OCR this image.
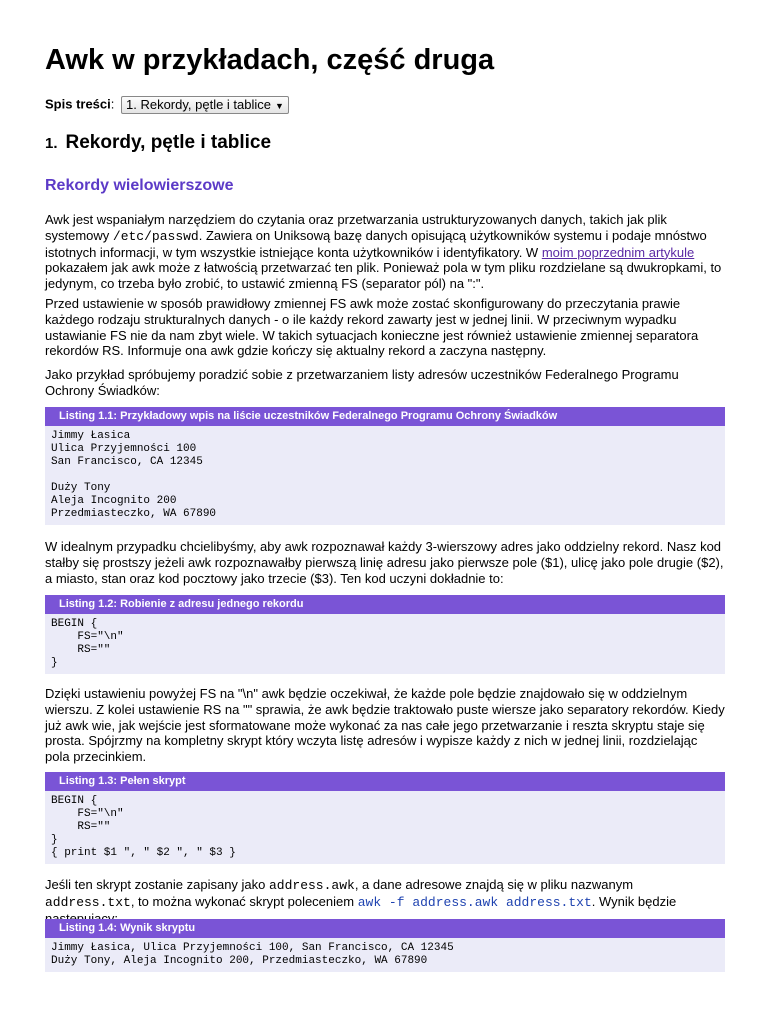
Awk w przykładach, część druga
Spis treści: 1. Rekordy, pętle i tablice ▼
1. Rekordy, pętle i tablice
Rekordy wielowierszowe

Awk jest wspaniałym narzędziem do czytania oraz przetwarzania ustrukturyzowanych danych, takich jak plik systemowy /etc/passwd. Zawiera on Uniksową bazę danych opisującą użytkowników systemu i podaje mnóstwo istotnych informacji, w tym wszystkie istniejące konta użytkowników i identyfikatory. W moim poprzednim artykule pokazałem jak awk może z łatwością przetwarzać ten plik. Ponieważ pola w tym pliku rozdzielane są dwukropkami, to jedynym, co trzeba było zrobić, to ustawić zmienną FS (separator pól) na ":".

Przed ustawienie w sposób prawidłowy zmiennej FS awk może zostać skonfigurowany do przeczytania prawie każdego rodzaju strukturalnych danych - o ile każdy rekord zawarty jest w jednej linii. W przeciwnym wypadku ustawianie FS nie da nam zbyt wiele. W takich sytuacjach konieczne jest również ustawienie zmiennej separatora rekordów RS. Informuje ona awk gdzie kończy się aktualny rekord a zaczyna następny.

Jako przykład spróbujemy poradzić sobie z przetwarzaniem listy adresów uczestników Federalnego Programu Ochrony Świadków:

Listing 1.1: Przykładowy wpis na liście uczestników Federalnego Programu Ochrony Świadków
Jimmy Łasica
Ulica Przyjemności 100
San Francisco, CA 12345

Duży Tony
Aleja Incognito 200
Przedmiasteczko, WA 67890

W idealnym przypadku chcielibyśmy, aby awk rozpoznawał każdy 3-wierszowy adres jako oddzielny rekord. Nasz kod stałby się prostszy jeżeli awk rozpoznawałby pierwszą linię adresu jako pierwsze pole ($1), ulicę jako pole drugie ($2), a miasto, stan oraz kod pocztowy jako trzecie ($3). Ten kod uczyni dokładnie to:

Listing 1.2: Robienie z adresu jednego rekordu
BEGIN {
FS="\n"
RS=""
}

Dzięki ustawieniu powyżej FS na "\n" awk będzie oczekiwał, że każde pole będzie znajdowało się w oddzielnym wierszu. Z kolei ustawienie RS na "" sprawia, że awk będzie traktowało puste wiersze jako separatory rekordów. Kiedy już awk wie, jak wejście jest sformatowane może wykonać za nas całe jego przetwarzanie i reszta skryptu staje się prosta. Spójrzmy na kompletny skrypt który wczyta listę adresów i wypisze każdy z nich w jednej linii, rozdzielając pola przecinkiem.

Listing 1.3: Pełen skrypt
BEGIN {
FS="\n"
RS=""
}
{ print $1 ", " $2 ", " $3 }

Jeśli ten skrypt zostanie zapisany jako address.awk, a dane adresowe znajdą się w pliku nazwanym address.txt, to można wykonać skrypt poleceniem awk -f address.awk address.txt. Wynik będzie

Listing 1.4: Wynik skryptu
Jimmy Łasica, Ulica Przyjemności 100, San Francisco, CA 12345
Duży Tony, Aleja Incognito 200, Przedmiasteczko, WA 67890
